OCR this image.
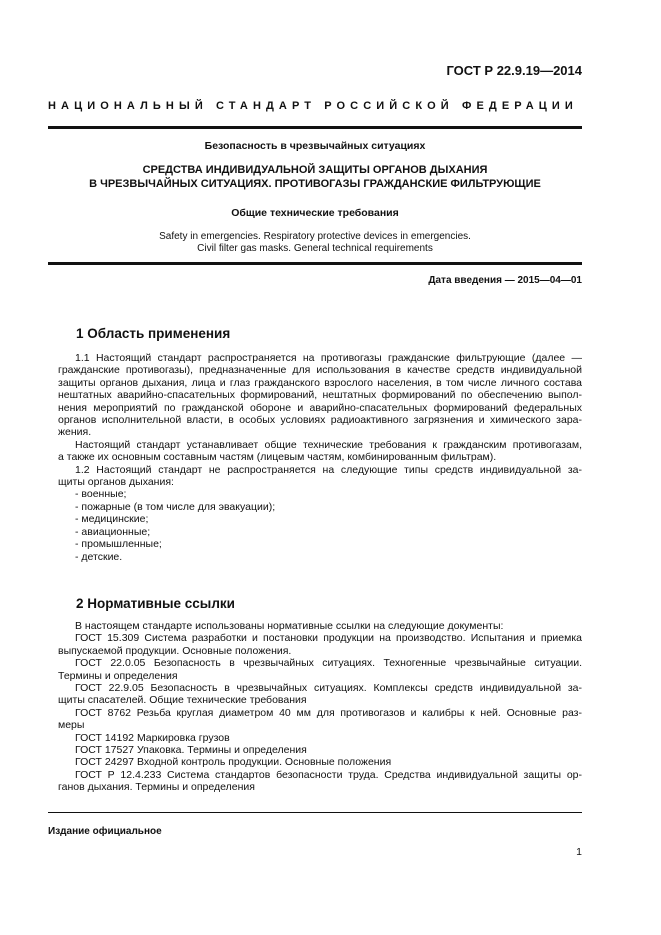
ГОСТ Р 22.9.19—2014
НАЦИОНАЛЬНЫЙ СТАНДАРТ РОССИЙСКОЙ ФЕДЕРАЦИИ
Безопасность в чрезвычайных ситуациях
СРЕДСТВА ИНДИВИДУАЛЬНОЙ ЗАЩИТЫ ОРГАНОВ ДЫХАНИЯ
В ЧРЕЗВЫЧАЙНЫХ СИТУАЦИЯХ. ПРОТИВОГАЗЫ ГРАЖДАНСКИЕ ФИЛЬТРУЮЩИЕ
Общие технические требования
Safety in emergencies. Respiratory protective devices in emergencies.
Civil filter gas masks. General technical requirements
Дата введения — 2015—04—01
1 Область применения
1.1 Настоящий стандарт распространяется на противогазы гражданские фильтрующие (далее —
гражданские противогазы), предназначенные для использования в качестве средств индивидуальной
защиты органов дыхания, лица и глаз гражданского взрослого населения, в том числе личного состава
нештатных аварийно-спасательных формирований, нештатных формирований по обеспечению выпол-
нения мероприятий по гражданской обороне и аварийно-спасательных формирований федеральных
органов исполнительной власти, в особых условиях радиоактивного загрязнения и химического зара-
жения.
Настоящий стандарт устанавливает общие технические требования к гражданским противогазам,
а также их основным составным частям (лицевым частям, комбинированным фильтрам).
1.2 Настоящий стандарт не распространяется на следующие типы средств индивидуальной за-
щиты органов дыхания:
- военные;
- пожарные (в том числе для эвакуации);
- медицинские;
- авиационные;
- промышленные;
- детские.
2 Нормативные ссылки
В настоящем стандарте использованы нормативные ссылки на следующие документы:
ГОСТ 15.309 Система разработки и постановки продукции на производство. Испытания и приемка
выпускаемой продукции. Основные положения.
ГОСТ 22.0.05 Безопасность в чрезвычайных ситуациях. Техногенные чрезвычайные ситуации.
Термины и определения
ГОСТ 22.9.05 Безопасность в чрезвычайных ситуациях. Комплексы средств индивидуальной за-
щиты спасателей. Общие технические требования
ГОСТ 8762 Резьба круглая диаметром 40 мм для противогазов и калибры к ней. Основные раз-
меры
ГОСТ 14192 Маркировка грузов
ГОСТ 17527 Упаковка. Термины и определения
ГОСТ 24297 Входной контроль продукции. Основные положения
ГОСТ Р 12.4.233 Система стандартов безопасности труда. Средства индивидуальной защиты ор-
ганов дыхания. Термины и определения
Издание официальное
1
